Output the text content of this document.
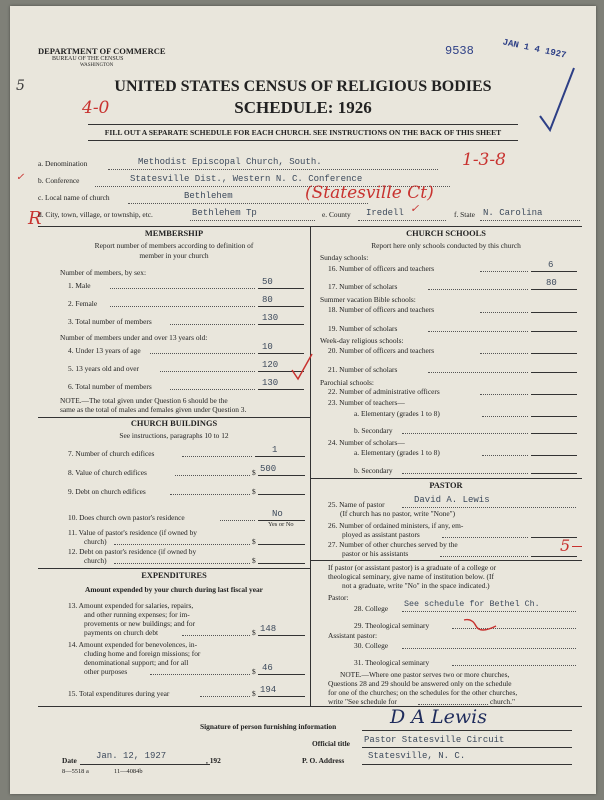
DEPARTMENT OF COMMERCE
BUREAU OF THE CENSUS
WASHINGTON
5
9538	JAN 1 4 1927
UNITED STATES CENSUS OF RELIGIOUS BODIES
4-0	SCHEDULE: 1926
FILL OUT A SEPARATE SCHEDULE FOR EACH CHURCH. SEE INSTRUCTIONS ON THE BACK OF THIS SHEET
a. Denomination	Methodist Episcopal Church, South.	1-3-8
✓ b. Conference	Statesville Dist., Western N. C. Conference
c. Local name of church	Bethlehem	(Statesville Ct)
R
d. City, town, village, or township, etc.	Bethlehem Tp	e. County Iredell ✓	f. State N. Carolina
MEMBERSHIP
Report number of members according to definition of
member in your church
Number of members, by sex:
1. Male	50
2. Female	80
3. Total number of members	130
Number of members under and over 13 years old:
4. Under 13 years of age	10
5. 13 years old and over	120
6. Total number of members	130
NOTE.—The total given under Question 6 should be the
same as the total of males and females given under Question 3.
CHURCH BUILDINGS
See instructions, paragraphs 10 to 12
7. Number of church edifices	1
8. Value of church edifices	$ 500
9. Debt on church edifices	$
10. Does church own pastor's residence	No
Yes or No
11. Value of pastor's residence (if owned by
church)	$
12. Debt on pastor's residence (if owned by
church)	$
EXPENDITURES
Amount expended by your church during last fiscal year
13. Amount expended for salaries, repairs,
and other running expenses; for im-
provements or new buildings; and for
payments on church debt	$ 148
14. Amount expended for benevolences, in-
cluding home and foreign missions; for
denominational support; and for all
other purposes	$ 46
15. Total expenditures during year	$ 194
CHURCH SCHOOLS
Report here only schools conducted by this church
Sunday schools:
16. Number of officers and teachers	6
17. Number of scholars	80
Summer vacation Bible schools:
18. Number of officers and teachers
19. Number of scholars
Week-day religious schools:
20. Number of officers and teachers
21. Number of scholars
Parochial schools:
22. Number of administrative officers
23. Number of teachers—
a. Elementary (grades 1 to 8)
b. Secondary
24. Number of scholars—
a. Elementary (grades 1 to 8)
b. Secondary
PASTOR
25. Name of pastor	David A. Lewis
(If church has no pastor, write "None")
26. Number of ordained ministers, if any, em-
ployed as assistant pastors
27. Number of other churches served by the
pastor or his assistants	5
If pastor (or assistant pastor) is a graduate of a college or
theological seminary, give name of institution below. (If
not a graduate, write "No" in the space indicated.)
Pastor:
28. College See schedule for Bethel Ch.
29. Theological seminary
Assistant pastor:
30. College
31. Theological seminary
NOTE.—Where one pastor serves two or more churches,
Questions 28 and 29 should be answered only on the schedule
for one of the churches; on the schedules for the other churches,
write "See schedule for	church."
Signature of person furnishing information	D A Lewis
Official title Pastor Statesville Circuit
Date Jan. 12, 1927	, 192	P. O. Address	Statesville, N. C.
8—5518 a	11—4084b
